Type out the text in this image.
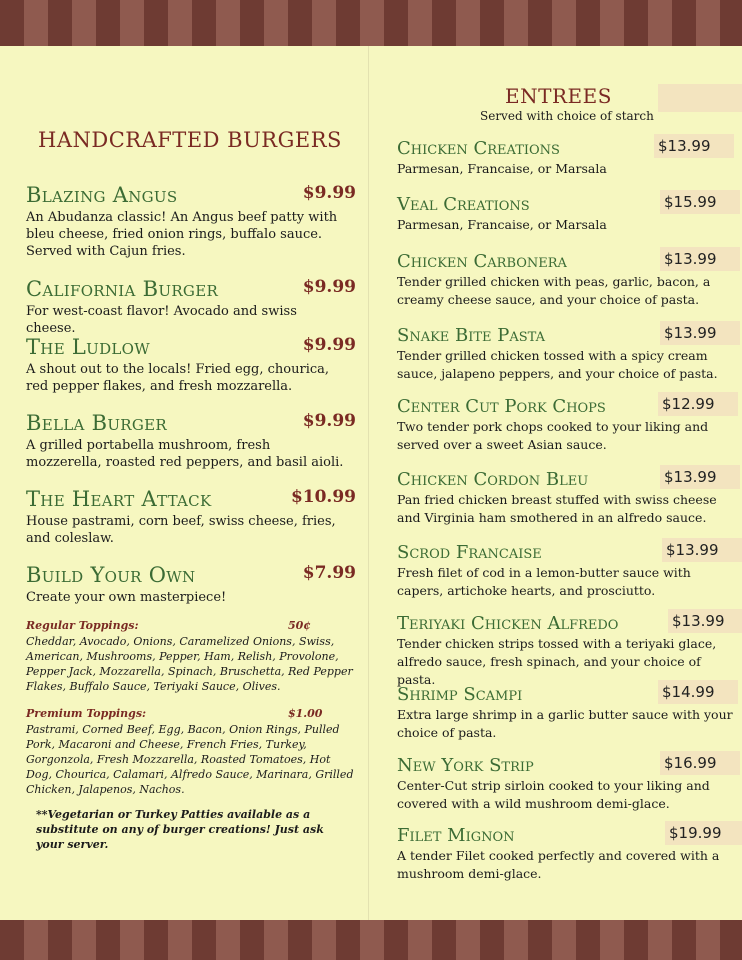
HANDCRAFTED BURGERS
Blazing Angus	$9.99
An Abudanza classic! An Angus beef patty with bleu cheese, fried onion rings, buffalo sauce. Served with Cajun fries.
California Burger	$9.99
For west-coast flavor! Avocado and swiss cheese.
The Ludlow	$9.99
A shout out to the locals! Fried egg, chourica, red pepper flakes, and fresh mozzarella.
Bella Burger	$9.99
A grilled portabella mushroom, fresh mozzerella, roasted red peppers, and basil aioli.
The Heart Attack	$10.99
House pastrami, corn beef, swiss cheese, fries, and coleslaw.
Build Your Own	$7.99
Create your own masterpiece!
Regular Toppings:	50¢
Cheddar, Avocado, Onions, Caramelized Onions, Swiss, American, Mushrooms, Pepper, Ham, Relish, Provolone, Pepper Jack, Mozzarella, Spinach, Bruschetta, Red Pepper Flakes, Buffalo Sauce, Teriyaki Sauce, Olives.
Premium Toppings:	$1.00
Pastrami, Corned Beef, Egg, Bacon, Onion Rings, Pulled Pork, Macaroni and Cheese, French Fries, Turkey, Gorgonzola, Fresh Mozzarella, Roasted Tomatoes, Hot Dog, Chourica, Calamari, Alfredo Sauce, Marinara, Grilled Chicken, Jalapenos, Nachos.
**Vegetarian or Turkey Patties available as a substitute on any of burger creations! Just ask your server.
ENTREES
Served with choice of starch
Chicken Creations	$13.99
Parmesan, Francaise, or Marsala
Veal Creations	$15.99
Parmesan, Francaise, or Marsala
Chicken Carbonera	$13.99
Tender grilled chicken with peas, garlic, bacon, a creamy cheese sauce, and your choice of pasta.
Snake Bite Pasta	$13.99
Tender grilled chicken tossed with a spicy cream sauce, jalapeno peppers, and your choice of pasta.
Center Cut Pork Chops	$12.99
Two tender pork chops cooked to your liking and served over a sweet Asian sauce.
Chicken Cordon Bleu	$13.99
Pan fried chicken breast stuffed with swiss cheese and Virginia ham smothered in an alfredo sauce.
Scrod Francaise	$13.99
Fresh filet of cod in a lemon-butter sauce with capers, artichoke hearts, and prosciutto.
Teriyaki Chicken Alfredo	$13.99
Tender chicken strips tossed with a teriyaki glace, alfredo sauce, fresh spinach, and your choice of pasta.
Shrimp Scampi	$14.99
Extra large shrimp in a garlic butter sauce with your choice of pasta.
New York Strip	$16.99
Center-Cut strip sirloin cooked to your liking and covered with a wild mushroom demi-glace.
Filet Mignon	$19.99
A tender Filet cooked perfectly and covered with a mushroom demi-glace.
